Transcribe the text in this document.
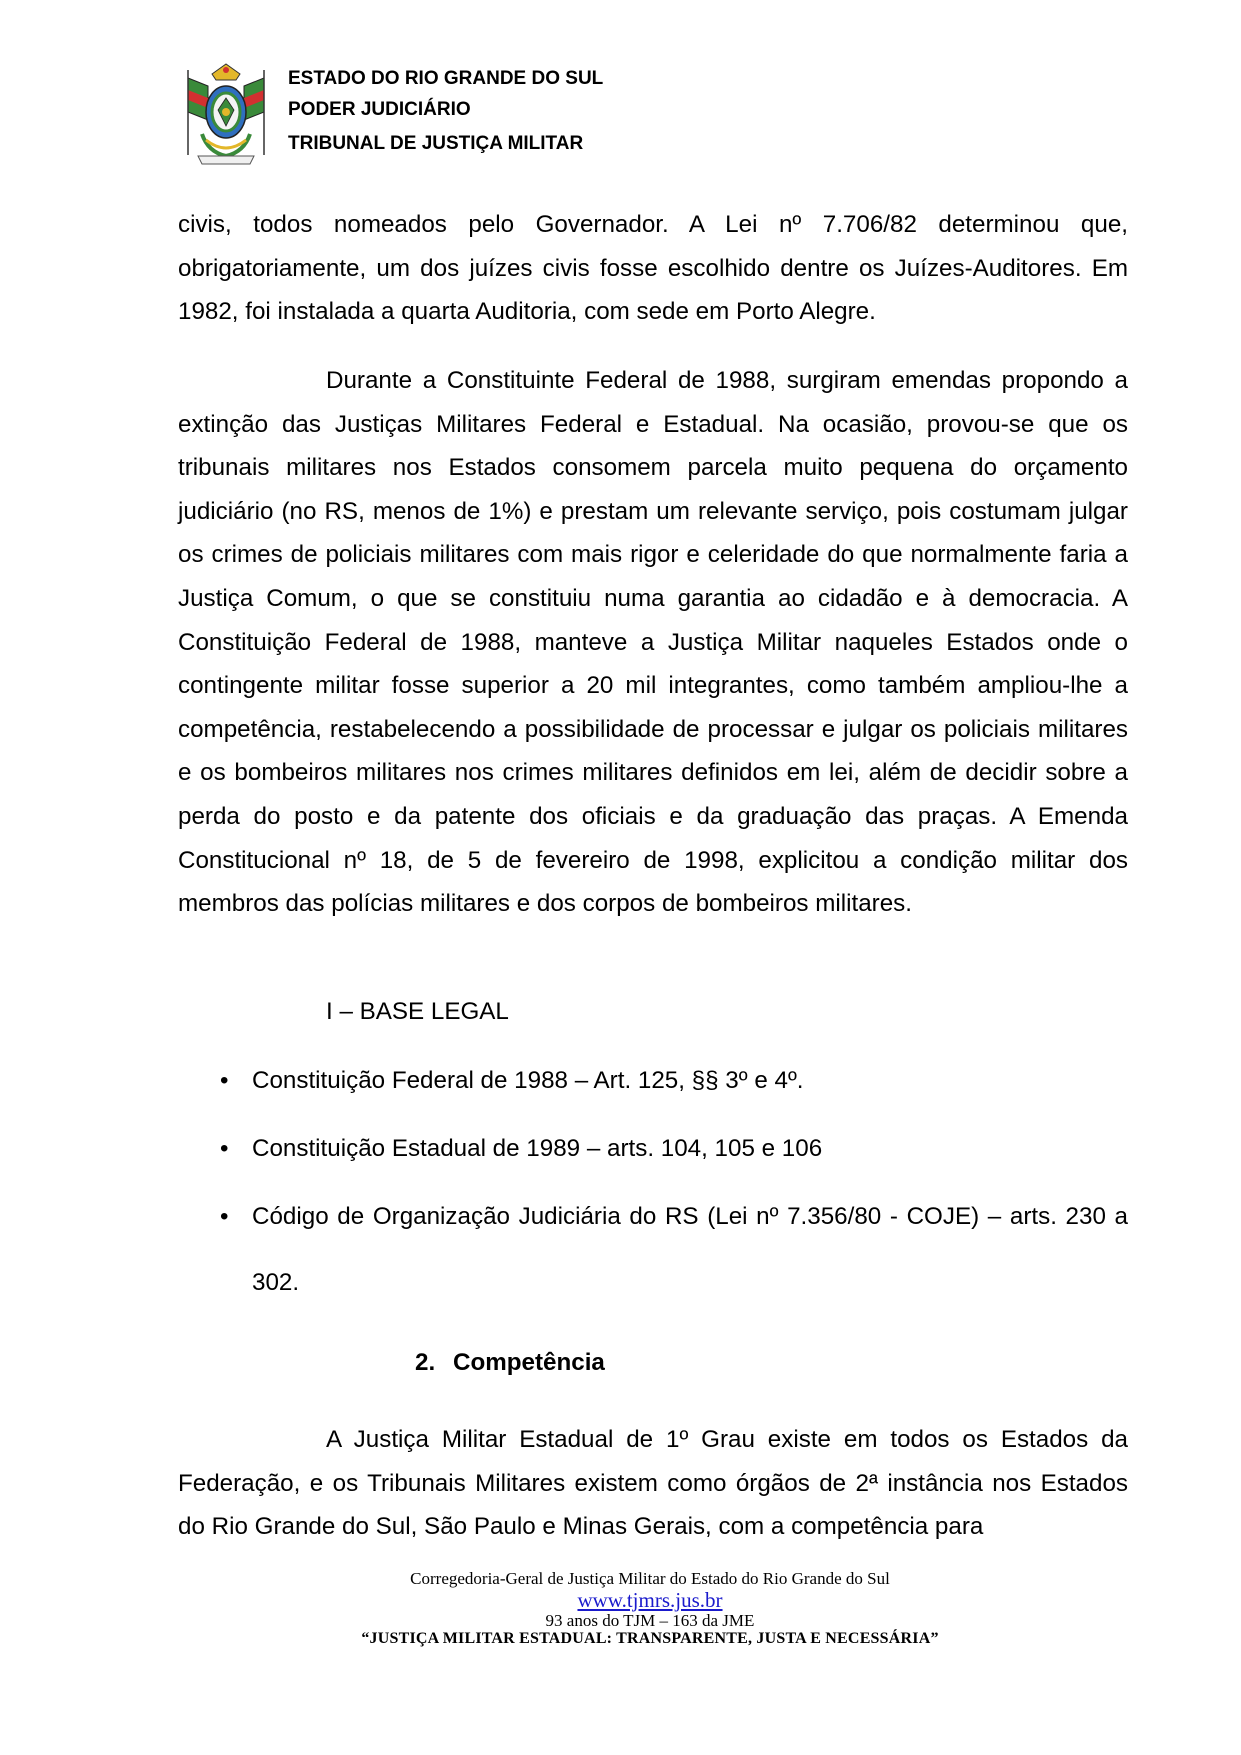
ESTADO DO RIO GRANDE DO SUL
PODER JUDICIÁRIO
TRIBUNAL DE JUSTIÇA MILITAR

civis, todos nomeados pelo Governador. A Lei nº 7.706/82 determinou que, obrigatoriamente, um dos juízes civis fosse escolhido dentre os Juízes-Auditores. Em 1982, foi instalada a quarta Auditoria, com sede em Porto Alegre.

Durante a Constituinte Federal de 1988, surgiram emendas propondo a extinção das Justiças Militares Federal e Estadual. Na ocasião, provou-se que os tribunais militares nos Estados consomem parcela muito pequena do orçamento judiciário (no RS, menos de 1%) e prestam um relevante serviço, pois costumam julgar os crimes de policiais militares com mais rigor e celeridade do que normalmente faria a Justiça Comum, o que se constituiu numa garantia ao cidadão e à democracia. A Constituição Federal de 1988, manteve a Justiça Militar naqueles Estados onde o contingente militar fosse superior a 20 mil integrantes, como também ampliou-lhe a competência, restabelecendo a possibilidade de processar e julgar os policiais militares e os bombeiros militares nos crimes militares definidos em lei, além de decidir sobre a perda do posto e da patente dos oficiais e da graduação das praças. A Emenda Constitucional nº 18, de 5 de fevereiro de 1998, explicitou a condição militar dos membros das polícias militares e dos corpos de bombeiros militares.

I – BASE LEGAL
• Constituição Federal de 1988 – Art. 125, §§ 3º e 4º.
• Constituição Estadual de 1989 – arts. 104, 105 e 106
• Código de Organização Judiciária do RS (Lei nº 7.356/80 - COJE) – arts. 230 a 302.
2. Competência

A Justiça Militar Estadual de 1º Grau existe em todos os Estados da Federação, e os Tribunais Militares existem como órgãos de 2ª instância nos Estados do Rio Grande do Sul, São Paulo e Minas Gerais, com a competência para

Corregedoria-Geral de Justiça Militar do Estado do Rio Grande do Sul
www.tjmrs.jus.br
93 anos do TJM – 163 da JME
“JUSTIÇA MILITAR ESTADUAL: TRANSPARENTE, JUSTA E NECESSÁRIA”
